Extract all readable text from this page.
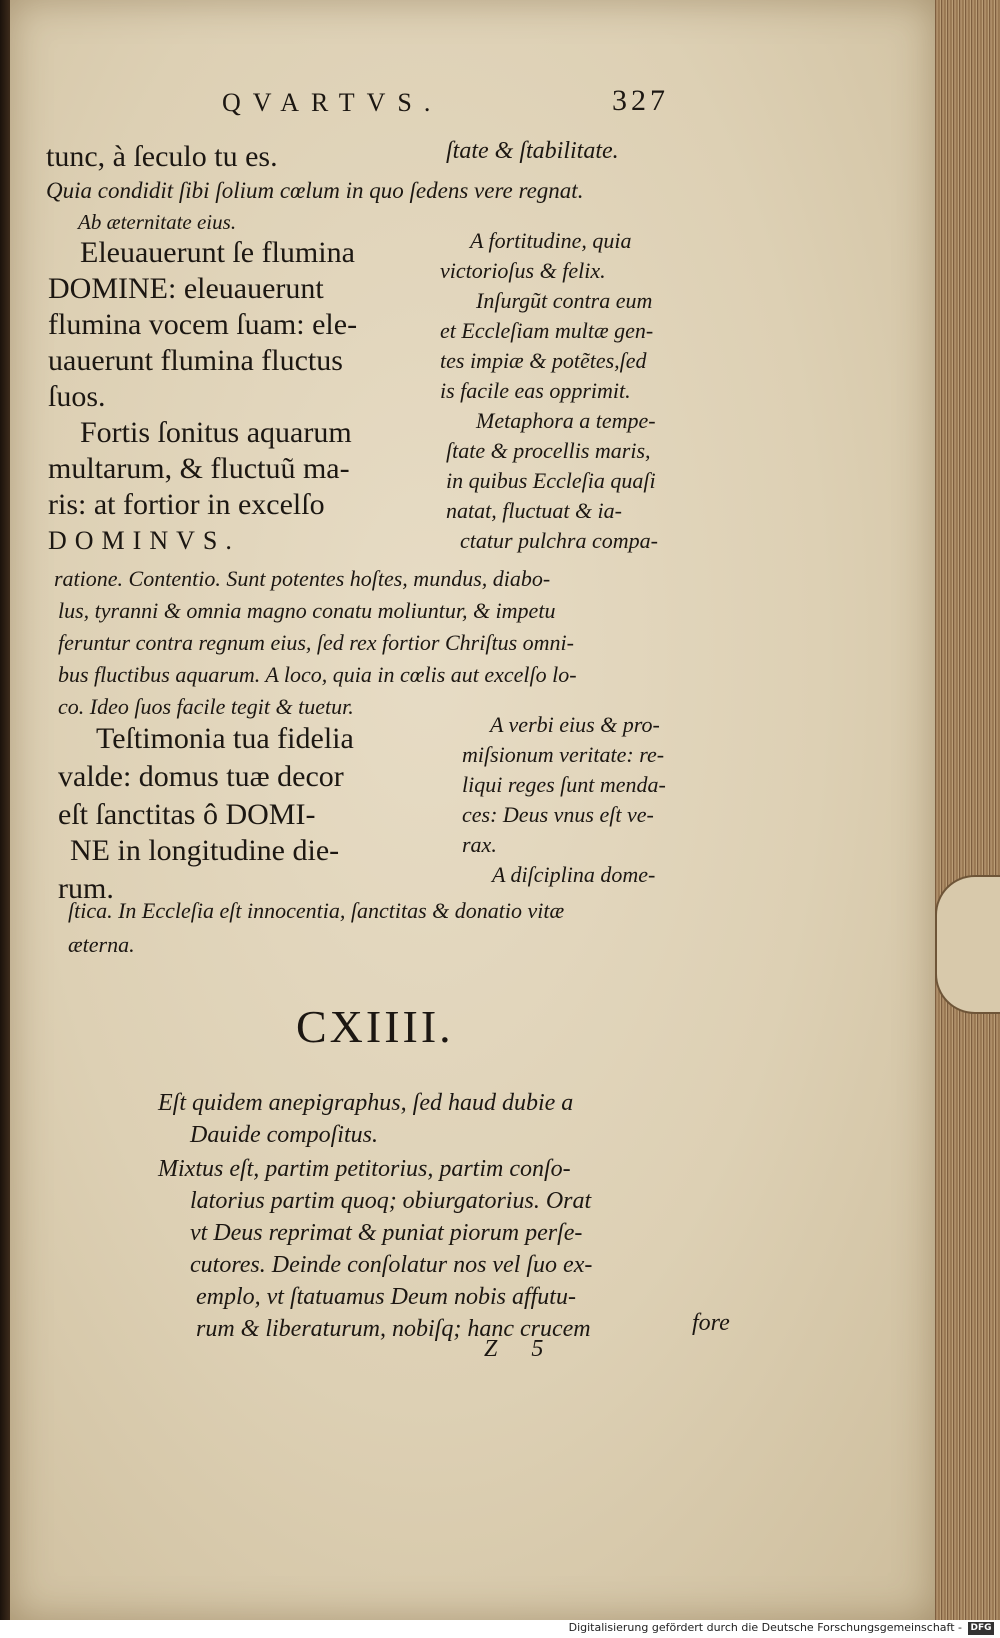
QVARTVS.	327
tunc, à ſeculo tu es.	ſtate & ſtabilitate.
Quia condidit ſibi ſolium cœlum in quo ſedens vere regnat.
Ab æternitate eius.
Eleuauerunt ſe flumina
DOMINE: eleuauerunt
flumina vocem ſuam: ele-
uauerunt flumina fluctus
ſuos.
Fortis ſonitus aquarum
multarum, & fluctuũ ma-
ris: at fortior in excelſo
DOMINVS.
A fortitudine, quia
victorioſus & felix.
Inſurgũt contra eum
et Eccleſiam multæ gen-
tes impiæ & potẽtes,ſed
is facile eas opprimit.
Metaphora a tempe-
ſtate & procellis maris,
in quibus Eccleſia quaſi
natat, fluctuat & ia-
ctatur pulchra compa-
ratione. Contentio. Sunt potentes hoſtes, mundus, diabo-
lus, tyranni & omnia magno conatu moliuntur, & impetu
feruntur contra regnum eius, ſed rex fortior Chriſtus omni-
bus fluctibus aquarum. A loco, quia in cœlis aut excelſo lo-
co. Ideo ſuos facile tegit & tuetur.
Teſtimonia tua fidelia
valde: domus tuæ decor
eſt ſanctitas ô DOMI-
NE in longitudine die-
rum.
A verbi eius & pro-
miſsionum veritate: re-
liqui reges ſunt menda-
ces: Deus vnus eſt ve-
rax.
A diſciplina dome-
ſtica. In Eccleſia eſt innocentia, ſanctitas & donatio vitæ
æterna.
CXIIII.
Eſt quidem anepigraphus, ſed haud dubie a
Dauide compoſitus.
Mixtus eſt, partim petitorius, partim conſo-
latorius partim quoq; obiurgatorius. Orat
vt Deus reprimat & puniat piorum perſe-
cutores. Deinde conſolatur nos vel ſuo ex-
emplo, vt ſtatuamus Deum nobis affutu-
rum & liberaturum, nobiſq; hanc crucem
Z 5
fore
Digitalisierung gefördert durch die Deutsche Forschungsgemeinschaft - DFG
